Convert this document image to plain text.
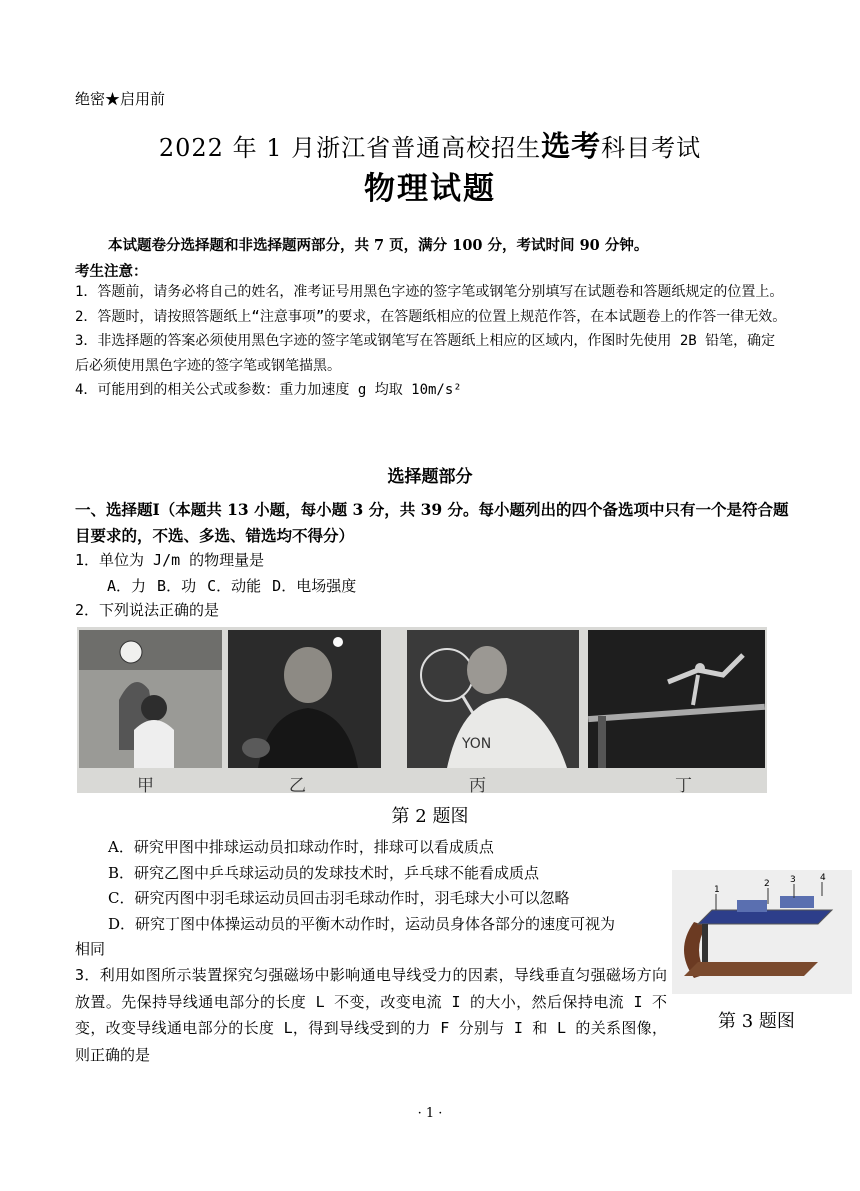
绝密★启用前
2022 年 1 月浙江省普通高校招生选考科目考试
物理试题
本试题卷分选择题和非选择题两部分，共 7 页，满分 100 分，考试时间 90 分钟。
考生注意：

1．答题前，请务必将自己的姓名，准考证号用黑色字迹的签字笔或钢笔分别填写在试题卷和答题纸规定的位置上。

2．答题时，请按照答题纸上“注意事项”的要求，在答题纸相应的位置上规范作答，在本试题卷上的作答一律无效。

3．非选择题的答案必须使用黑色字迹的签字笔或钢笔写在答题纸上相应的区域内，作图时先使用 2B 铅笔，确定后必须使用黑色字迹的签字笔或钢笔描黑。

4．可能用到的相关公式或参数：重力加速度 g 均取 10m/s²

选择题部分
一、选择题Ⅰ（本题共 13 小题，每小题 3 分，共 39 分。每小题列出的四个备选项中只有一个是符合题目要求的，不选、多选、错选均不得分）
1．单位为 J/m 的物理量是
A．力 B．功 C．动能 D．电场强度
2．下列说法正确的是
YON
甲	乙	丙	丁
第 2 题图

A．研究甲图中排球运动员扣球动作时，排球可以看成质点

B．研究乙图中乒乓球运动员的发球技术时，乒乓球不能看成质点

C．研究丙图中羽毛球运动员回击羽毛球动作时，羽毛球大小可以忽略

D．研究丁图中体操运动员的平衡木动作时，运动员身体各部分的速度可视为

相同

1
2 3	4
第 3 题图
3．利用如图所示装置探究匀强磁场中影响通电导线受力的因素，导线垂直匀强磁场方向放置。先保持导线通电部分的长度 L 不变，改变电流 I 的大小，然后保持电流 I 不变，改变导线通电部分的长度 L，得到导线受到的力 F 分别与 I 和 L 的关系图像，则正确的是
· 1 ·
